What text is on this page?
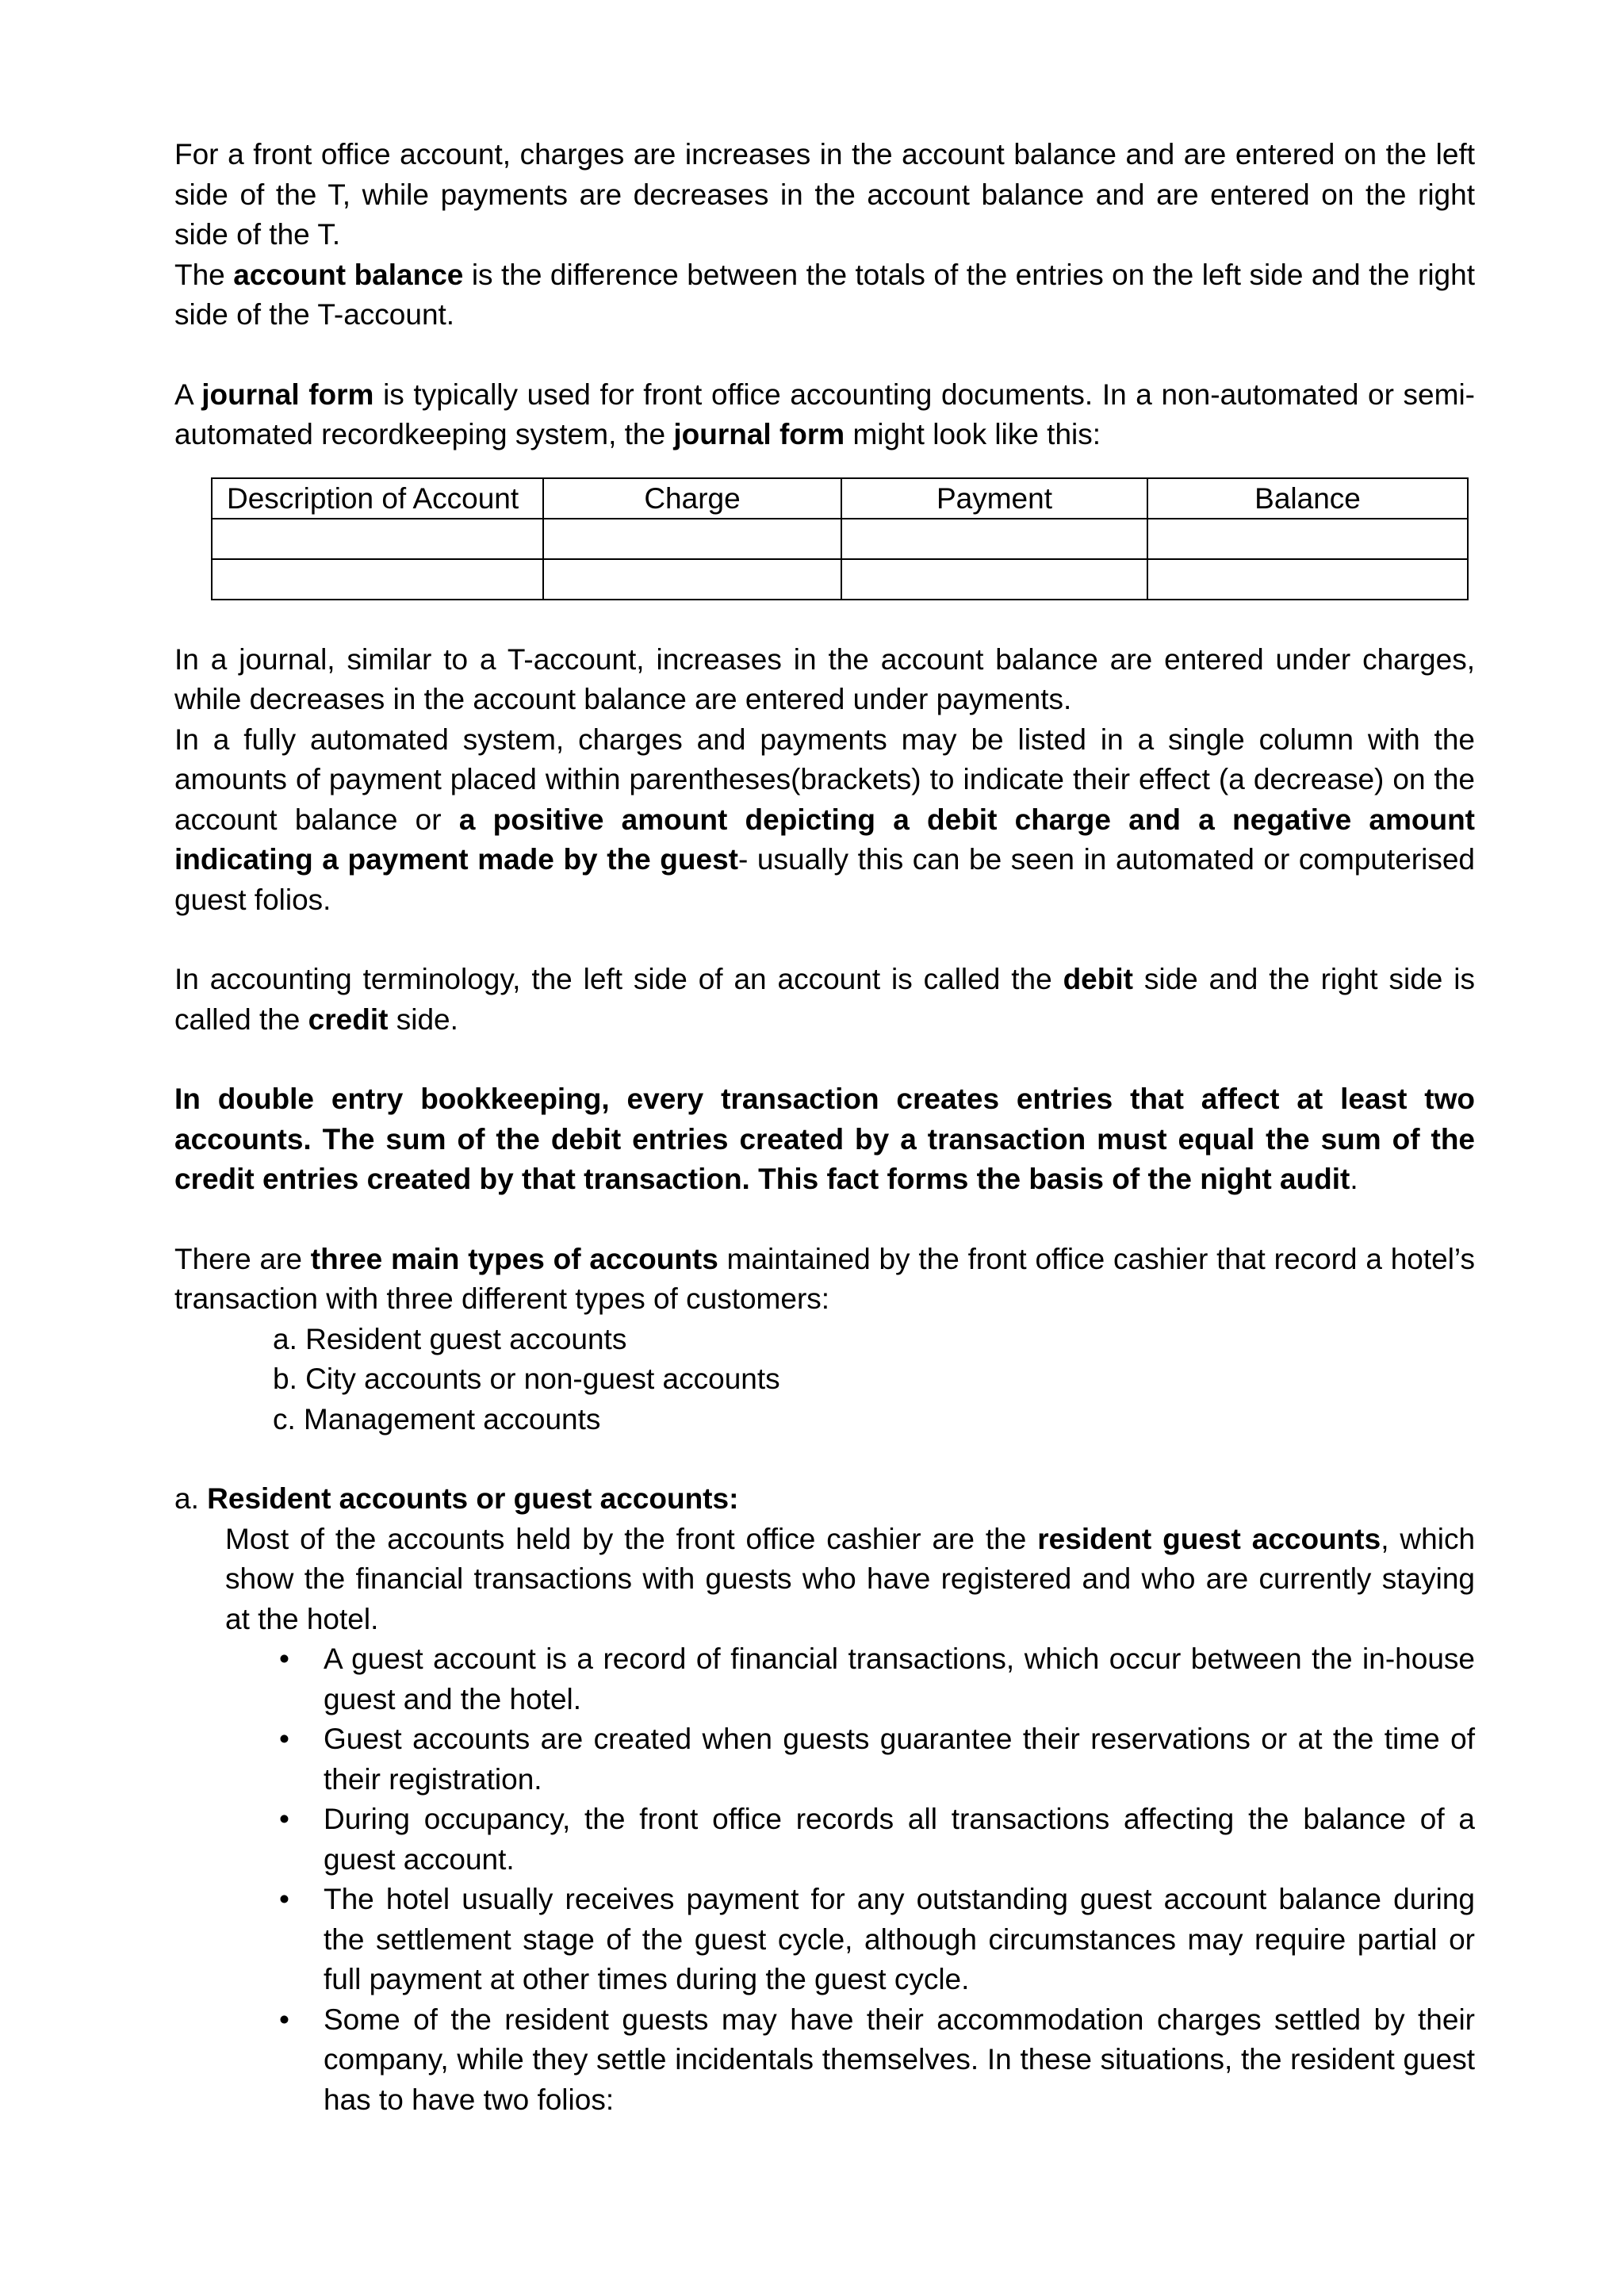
For a front office account, charges are increases in the account balance and are entered on the left side of the T, while payments are decreases in the account balance and are entered on the right side of the T.

The account balance is the difference between the totals of the entries on the left side and the right side of the T-account.

A journal form is typically used for front office accounting documents. In a non-automated or semi- automated recordkeeping system, the journal form might look like this:

Description of Account	Charge	Payment	Balance

In a journal, similar to a T-account, increases in the account balance are entered under charges, while decreases in the account balance are entered under payments.

In a fully automated system, charges and payments may be listed in a single column with the amounts of payment placed within parentheses(brackets) to indicate their effect (a decrease) on the account balance or a positive amount depicting a debit charge and a negative amount indicating a payment made by the guest- usually this can be seen in automated or computerised guest folios.

In accounting terminology, the left side of an account is called the debit side and the right side is called the credit side.

In double entry bookkeeping, every transaction creates entries that affect at least two accounts. The sum of the debit entries created by a transaction must equal the sum of the credit entries created by that transaction. This fact forms the basis of the night audit.

There are three main types of accounts maintained by the front office cashier that record a hotel’s transaction with three different types of customers:

a. Resident guest accounts
b. City accounts or non-guest accounts
c. Management accounts

a. Resident accounts or guest accounts:

Most of the accounts held by the front office cashier are the resident guest accounts, which show the financial transactions with guests who have registered and who are currently staying at the hotel.

• A guest account is a record of financial transactions, which occur between the in-house guest and the hotel.
• Guest accounts are created when guests guarantee their reservations or at the time of their registration.
• During occupancy, the front office records all transactions affecting the balance of a guest account.
• The hotel usually receives payment for any outstanding guest account balance during the settlement stage of the guest cycle, although circumstances may require partial or full payment at other times during the guest cycle.
• Some of the resident guests may have their accommodation charges settled by their company, while they settle incidentals themselves. In these situations, the resident guest has to have two folios:
